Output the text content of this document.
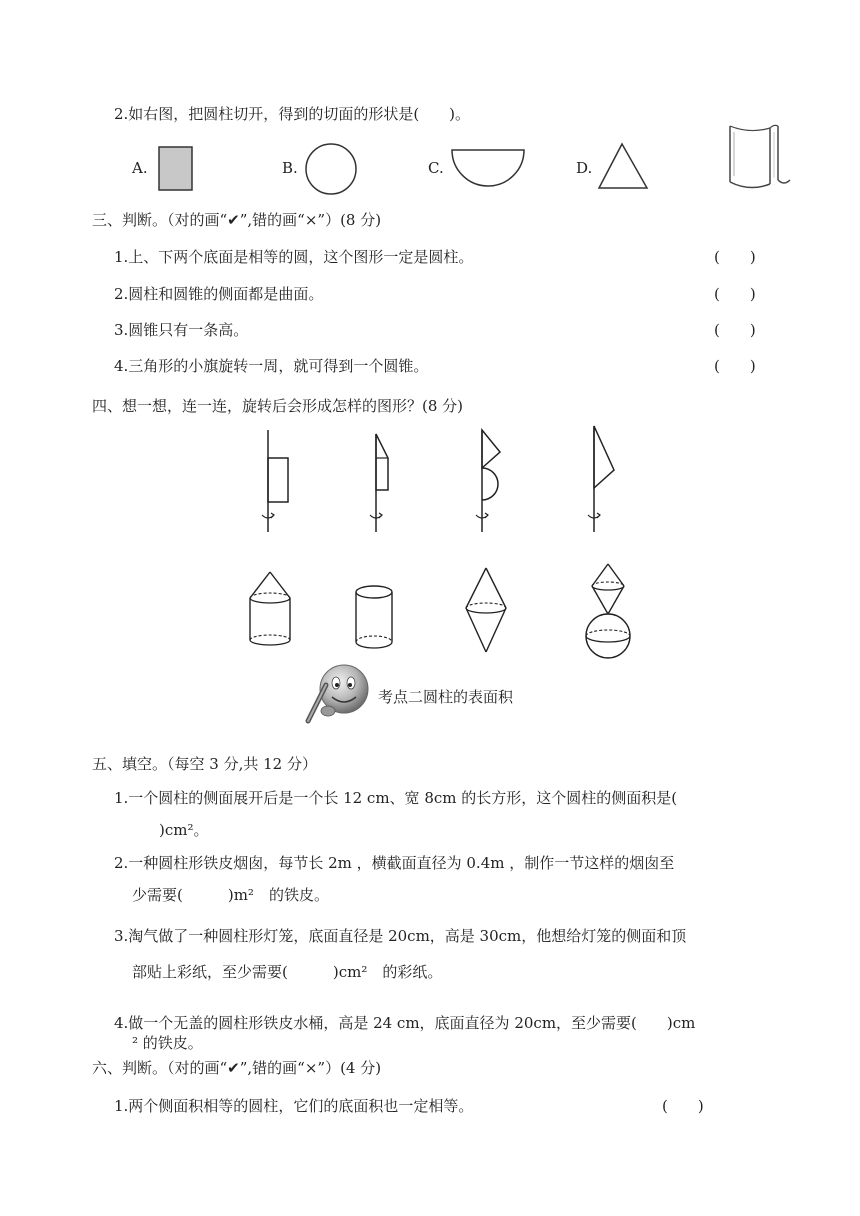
2.如右图，把圆柱切开，得到的切面的形状是(　　)。
A.	B.	C.	D.
三、判断。（对的画“✔”,错的画“×”）(8 分)
1.上、下两个底面是相等的圆，这个图形一定是圆柱。	(　　)
2.圆柱和圆锥的侧面都是曲面。	(　　)
3.圆锥只有一条高。	(　　)
4.三角形的小旗旋转一周，就可得到一个圆锥。	(　　)
四、想一想，连一连，旋转后会形成怎样的图形？(8 分)
考点二圆柱的表面积
五、填空。（每空 3 分,共 12 分）
1.一个圆柱的侧面展开后是一个长 12 cm、宽 8cm 的长方形，这个圆柱的侧面积是(
　　　)cm²。
2.一种圆柱形铁皮烟囱，每节长 2m ，横截面直径为 0.4m ，制作一节这样的烟囱至
少需要(　　　)m²　的铁皮。
3.淘气做了一种圆柱形灯笼，底面直径是 20cm，高是 30cm，他想给灯笼的侧面和顶
部贴上彩纸，至少需要(　　　)cm²　的彩纸。
4.做一个无盖的圆柱形铁皮水桶，高是 24 cm，底面直径为 20cm，至少需要(　　)cm
² 的铁皮。
六、判断。（对的画“✔”,错的画“×”）(4 分)
1.两个侧面积相等的圆柱，它们的底面积也一定相等。	(　　)
